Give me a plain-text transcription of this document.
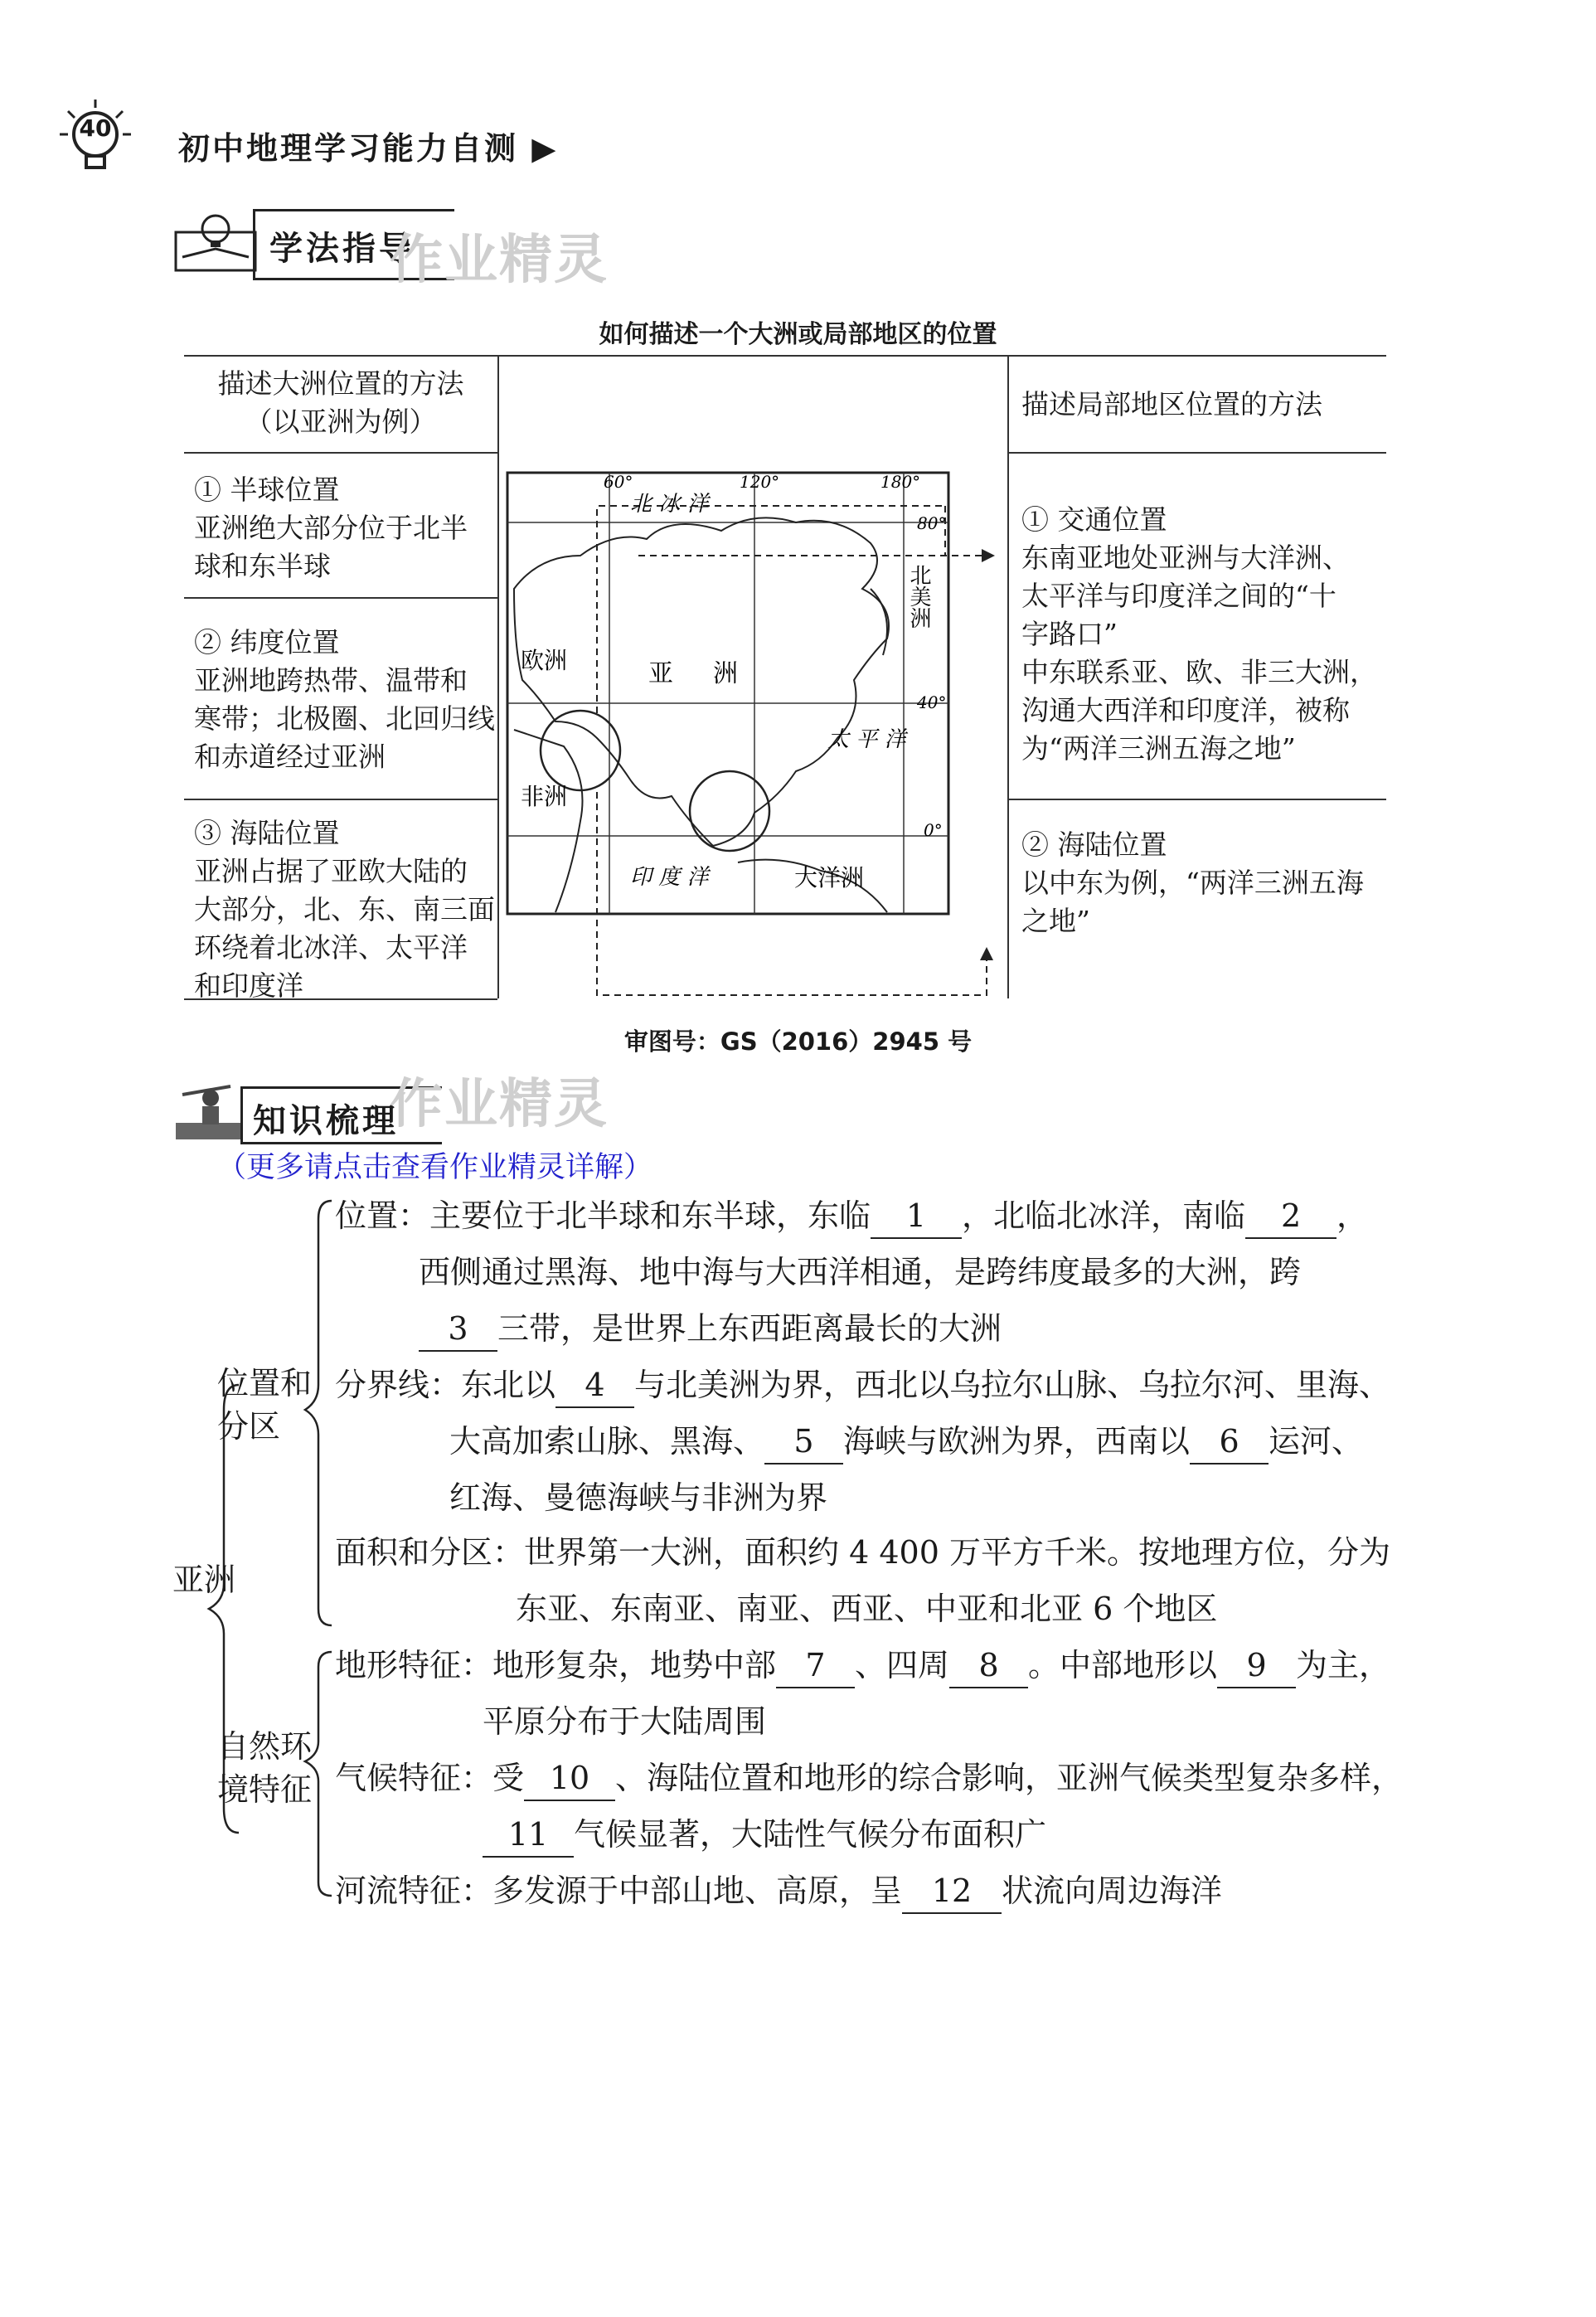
40
初中地理学习能力自测 ▶
学法指导
作业精灵
如何描述一个大洲或局部地区的位置
描述大洲位置的方法
（以亚洲为例）
描述局部地区位置的方法
① 半球位置
亚洲绝大部分位于北半
球和东半球
② 纬度位置
亚洲地跨热带、温带和
寒带；北极圈、北回归线
和赤道经过亚洲
③ 海陆位置
亚洲占据了亚欧大陆的
大部分，北、东、南三面
环绕着北冰洋、太平洋
和印度洋
① 交通位置
东南亚地处亚洲与大洋洲、
太平洋与印度洋之间的“十
字路口”
中东联系亚、欧、非三大洲，
沟通大西洋和印度洋，被称
为“两洋三洲五海之地”
② 海陆位置
以中东为例，“两洋三洲五海
之地”
60°	120°	180°
80°
40°
0°
北 冰 洋
欧洲	亚 洲
太 平 洋
非洲
印 度 洋	大洋洲
北美洲
审图号：GS（2016）2945 号
知识梳理
作业精灵
（更多请点击查看作业精灵详解）
亚洲
位置和
分区
自然环
境特征
位置：主要位于北半球和东半球，东临 1 ，北临北冰洋，南临 2 ，
西侧通过黑海、地中海与大西洋相通，是跨纬度最多的大洲，跨
3 三带，是世界上东西距离最长的大洲
分界线：东北以 4 与北美洲为界，西北以乌拉尔山脉、乌拉尔河、里海、
大高加索山脉、黑海、 5 海峡与欧洲为界，西南以 6 运河、
红海、曼德海峡与非洲为界
面积和分区：世界第一大洲，面积约 4 400 万平方千米。按地理方位，分为
东亚、东南亚、南亚、西亚、中亚和北亚 6 个地区
地形特征：地形复杂，地势中部 7 、四周 8 。中部地形以 9 为主，
平原分布于大陆周围
气候特征：受 10 、海陆位置和地形的综合影响，亚洲气候类型复杂多样，
11 气候显著，大陆性气候分布面积广
河流特征：多发源于中部山地、高原，呈 12 状流向周边海洋
